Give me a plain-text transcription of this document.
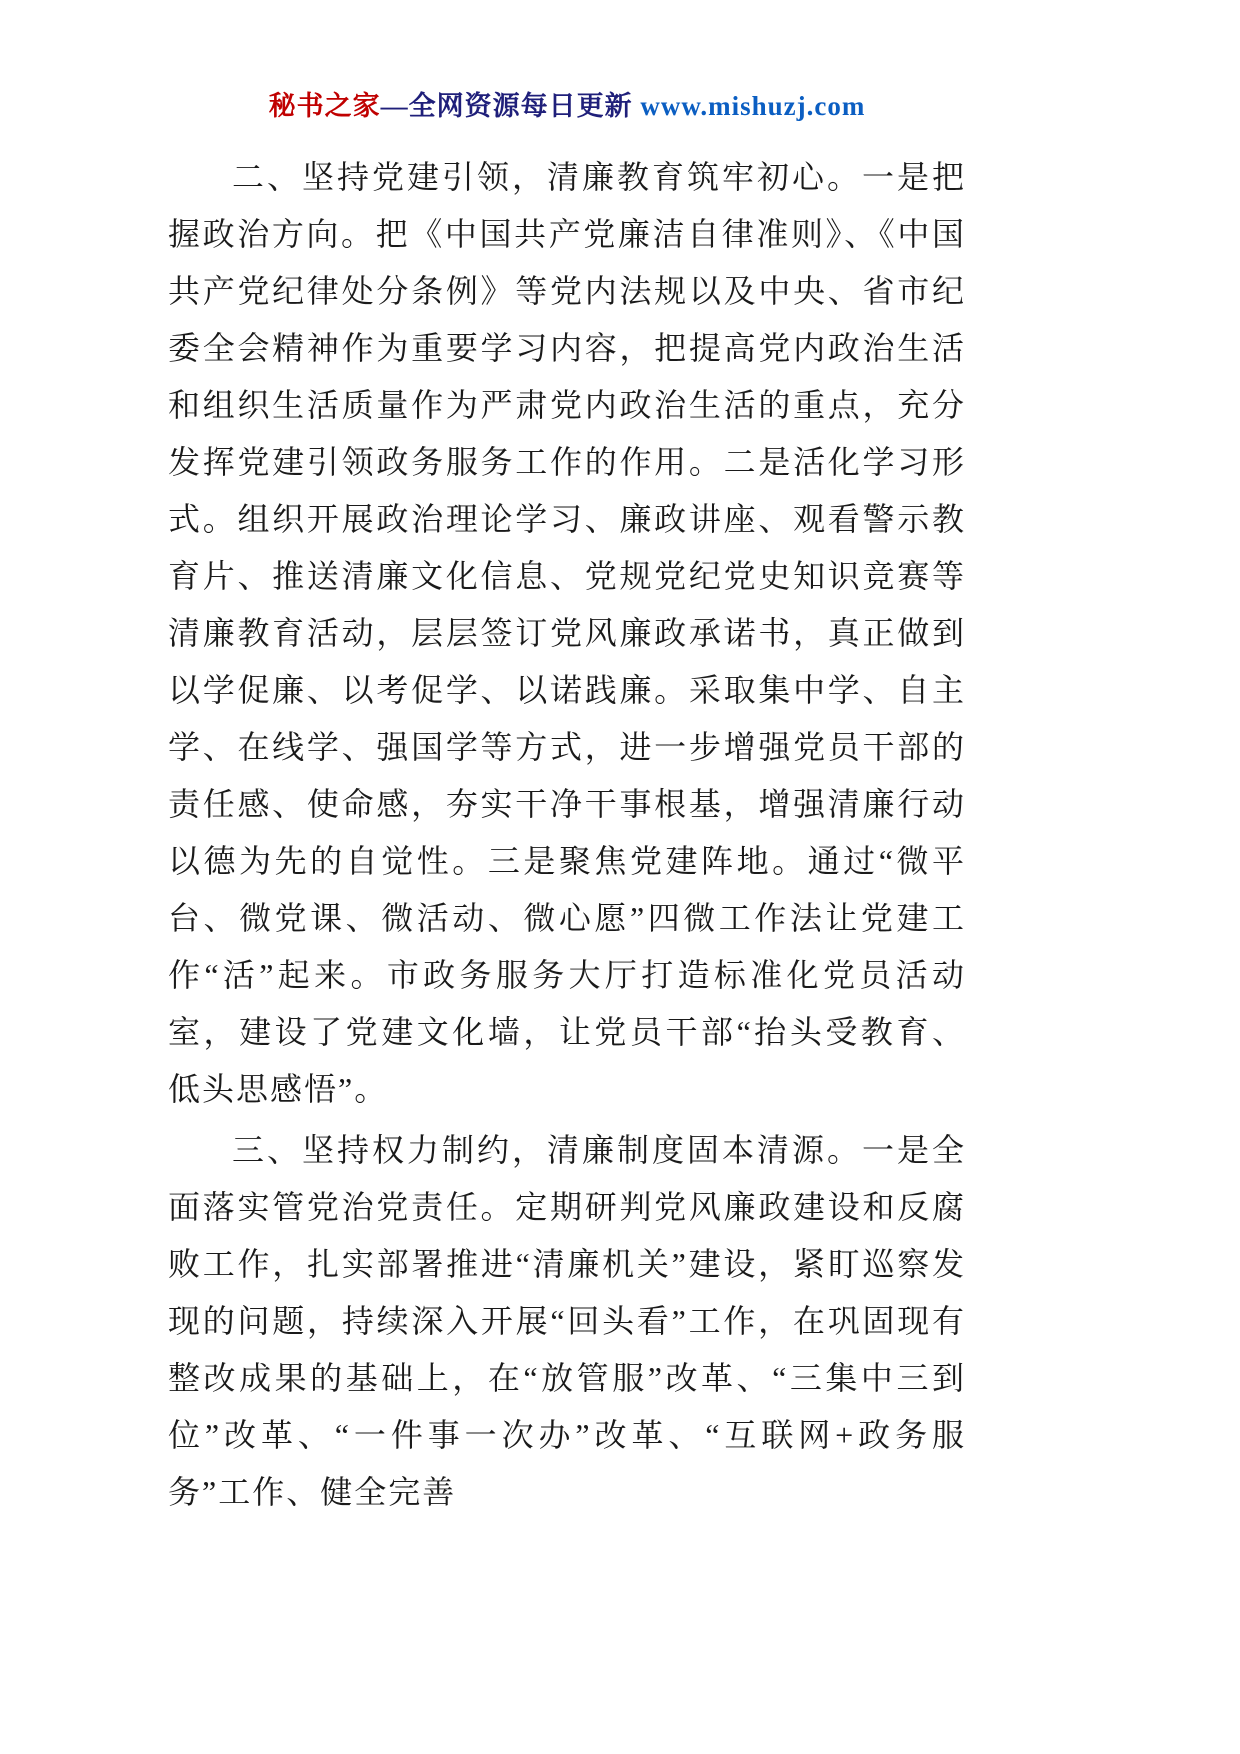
秘书之家—全网资源每日更新 www.mishuzj.com

二、坚持党建引领，清廉教育筑牢初心。一是把握政治方向。把《中国共产党廉洁自律准则》、《中国共产党纪律处分条例》等党内法规以及中央、省市纪委全会精神作为重要学习内容，把提高党内政治生活和组织生活质量作为严肃党内政治生活的重点，充分发挥党建引领政务服务工作的作用。二是活化学习形式。组织开展政治理论学习、廉政讲座、观看警示教育片、推送清廉文化信息、党规党纪党史知识竞赛等清廉教育活动，层层签订党风廉政承诺书，真正做到以学促廉、以考促学、以诺践廉。采取集中学、自主学、在线学、强国学等方式，进一步增强党员干部的责任感、使命感，夯实干净干事根基，增强清廉行动以德为先的自觉性。三是聚焦党建阵地。通过“微平台、微党课、微活动、微心愿”四微工作法让党建工作“活”起来。市政务服务大厅打造标准化党员活动室，建设了党建文化墙，让党员干部“抬头受教育、低头思感悟”。

三、坚持权力制约，清廉制度固本清源。一是全面落实管党治党责任。定期研判党风廉政建设和反腐败工作，扎实部署推进“清廉机关”建设，紧盯巡察发现的问题，持续深入开展“回头看”工作，在巩固现有整改成果的基础上，在“放管服”改革、“三集中三到位”改革、“一件事一次办”改革、“互联网+政务服务”工作、健全完善
